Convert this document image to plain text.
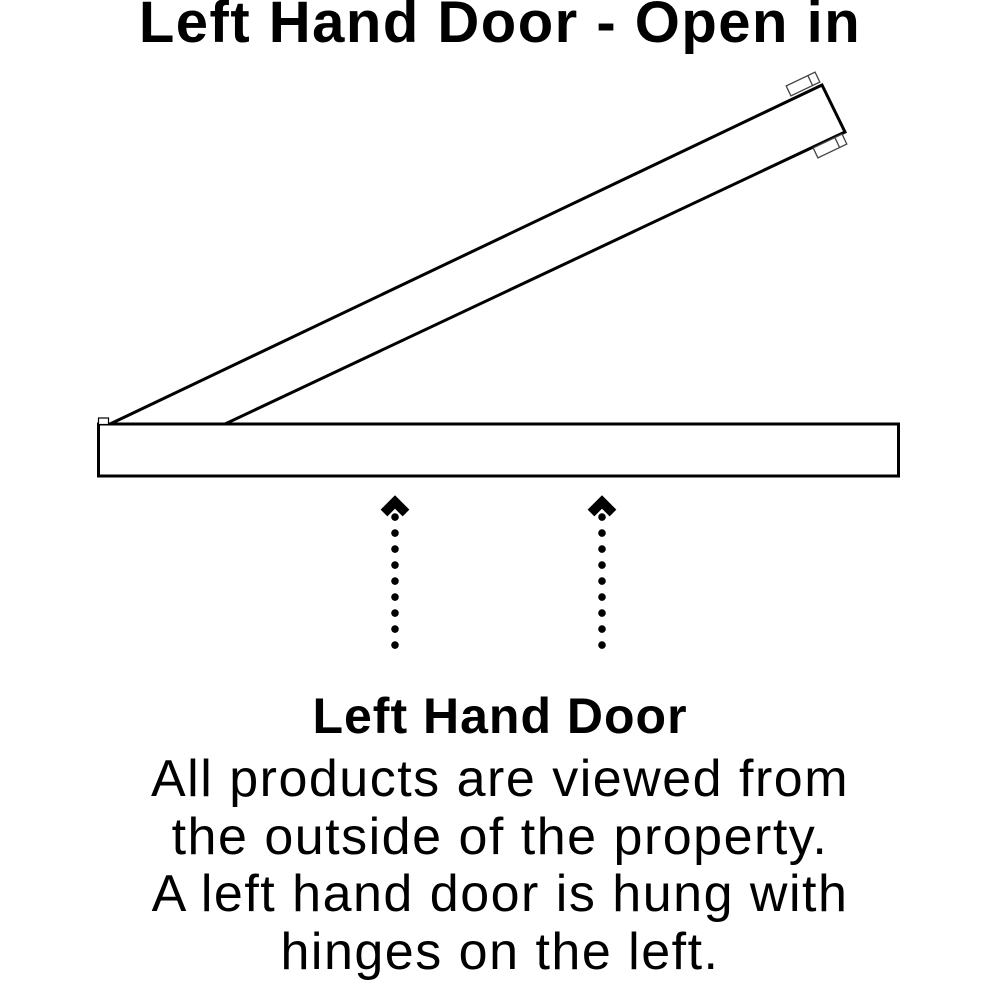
Left Hand Door - Open in
Left Hand Door
All products are viewed from
the outside of the property.
A left hand door is hung with
hinges on the left.
